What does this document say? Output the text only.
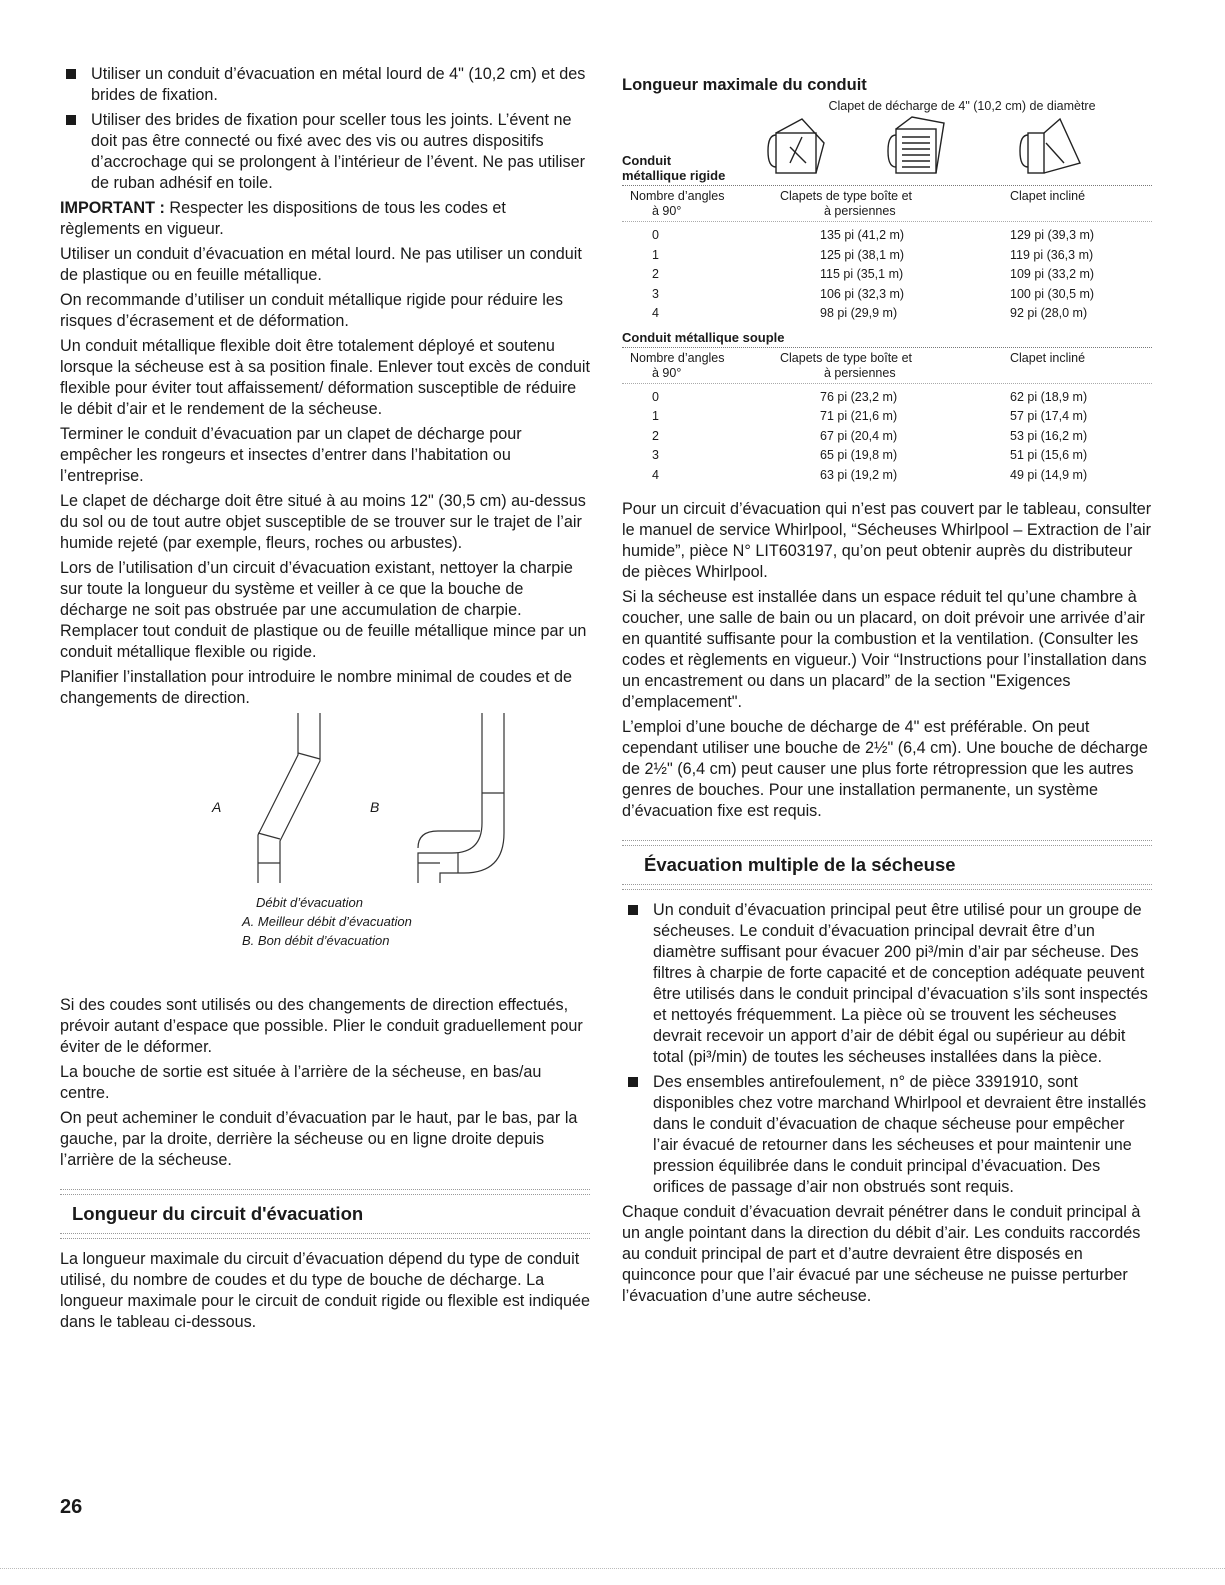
Utiliser un conduit d’évacuation en métal lourd de 4" (10,2 cm) et des brides de fixation.

Utiliser des brides de fixation pour sceller tous les joints. L’évent ne doit pas être connecté ou fixé avec des vis ou autres dispositifs d’accrochage qui se prolongent à l’intérieur de l’évent. Ne pas utiliser de ruban adhésif en toile.

IMPORTANT : Respecter les dispositions de tous les codes et règlements en vigueur.

Utiliser un conduit d’évacuation en métal lourd. Ne pas utiliser un conduit de plastique ou en feuille métallique.

On recommande d’utiliser un conduit métallique rigide pour réduire les risques d’écrasement et de déformation.

Un conduit métallique flexible doit être totalement déployé et soutenu lorsque la sécheuse est à sa position finale. Enlever tout excès de conduit flexible pour éviter tout affaissement/ déformation susceptible de réduire le débit d’air et le rendement de la sécheuse.

Terminer le conduit d’évacuation par un clapet de décharge pour empêcher les rongeurs et insectes d’entrer dans l’habitation ou l’entreprise.

Le clapet de décharge doit être situé à au moins 12" (30,5 cm) au-dessus du sol ou de tout autre objet susceptible de se trouver sur le trajet de l’air humide rejeté (par exemple, fleurs, roches ou arbustes).

Lors de l’utilisation d’un circuit d’évacuation existant, nettoyer la charpie sur toute la longueur du système et veiller à ce que la bouche de décharge ne soit pas obstruée par une accumulation de charpie. Remplacer tout conduit de plastique ou de feuille métallique mince par un conduit métallique flexible ou rigide.

Planifier l’installation pour introduire le nombre minimal de coudes et de changements de direction.

A	B
Débit d’évacuation
A. Meilleur débit d’évacuation
B. Bon débit d’évacuation

Si des coudes sont utilisés ou des changements de direction effectués, prévoir autant d’espace que possible. Plier le conduit graduellement pour éviter de le déformer.

La bouche de sortie est située à l’arrière de la sécheuse, en bas/au centre.

On peut acheminer le conduit d’évacuation par le haut, par le bas, par la gauche, par la droite, derrière la sécheuse ou en ligne droite depuis l’arrière de la sécheuse.

Longueur du circuit d'évacuation

La longueur maximale du circuit d’évacuation dépend du type de conduit utilisé, du nombre de coudes et du type de bouche de décharge. La longueur maximale pour le circuit de conduit rigide ou flexible est indiquée dans le tableau ci-dessous.

Longueur maximale du conduit
Clapet de décharge de 4" (10,2 cm) de diamètre
Conduit
métallique rigide
Nombre d’angles
à 90°	Clapets de type boîte et
à persiennes	Clapet incliné

0	135 pi (41,2 m)	129 pi (39,3 m)
1	125 pi (38,1 m)	119 pi (36,3 m)
2	115 pi (35,1 m)	109 pi (33,2 m)
3	106 pi (32,3 m)	100 pi (30,5 m)
4	98 pi (29,9 m)	92 pi (28,0 m)
Conduit métallique souple
Nombre d’angles
à 90°	Clapets de type boîte et
à persiennes	Clapet incliné

0	76 pi (23,2 m)	62 pi (18,9 m)
1	71 pi (21,6 m)	57 pi (17,4 m)
2	67 pi (20,4 m)	53 pi (16,2 m)
3	65 pi (19,8 m)	51 pi (15,6 m)
4	63 pi (19,2 m)	49 pi (14,9 m)

Pour un circuit d’évacuation qui n’est pas couvert par le tableau, consulter le manuel de service Whirlpool, “Sécheuses Whirlpool – Extraction de l’air humide”, pièce N° LIT603197, qu’on peut obtenir auprès du distributeur de pièces Whirlpool.

Si la sécheuse est installée dans un espace réduit tel qu’une chambre à coucher, une salle de bain ou un placard, on doit prévoir une arrivée d’air en quantité suffisante pour la combustion et la ventilation. (Consulter les codes et règlements en vigueur.) Voir “Instructions pour l’installation dans un encastrement ou dans un placard” de la section "Exigences d’emplacement".

L’emploi d’une bouche de décharge de 4" est préférable. On peut cependant utiliser une bouche de 2½" (6,4 cm). Une bouche de décharge de 2½" (6,4 cm) peut causer une plus forte rétropression que les autres genres de bouches. Pour une installation permanente, un système d’évacuation fixe est requis.

Évacuation multiple de la sécheuse

Un conduit d’évacuation principal peut être utilisé pour un groupe de sécheuses. Le conduit d’évacuation principal devrait être d’un diamètre suffisant pour évacuer 200 pi³/min d’air par sécheuse. Des filtres à charpie de forte capacité et de conception adéquate peuvent être utilisés dans le conduit principal d’évacuation s’ils sont inspectés et nettoyés fréquemment. La pièce où se trouvent les sécheuses devrait recevoir un apport d’air de débit égal ou supérieur au débit total (pi³/min) de toutes les sécheuses installées dans la pièce.

Des ensembles antirefoulement, n° de pièce 3391910, sont disponibles chez votre marchand Whirlpool et devraient être installés dans le conduit d’évacuation de chaque sécheuse pour empêcher l’air évacué de retourner dans les sécheuses et pour maintenir une pression équilibrée dans le conduit principal d’évacuation. Des orifices de passage d’air non obstrués sont requis.

Chaque conduit d’évacuation devrait pénétrer dans le conduit principal à un angle pointant dans la direction du débit d’air. Les conduits raccordés au conduit principal de part et d’autre devraient être disposés en quinconce pour que l’air évacué par une sécheuse ne puisse perturber l’évacuation d’une autre sécheuse.

26
